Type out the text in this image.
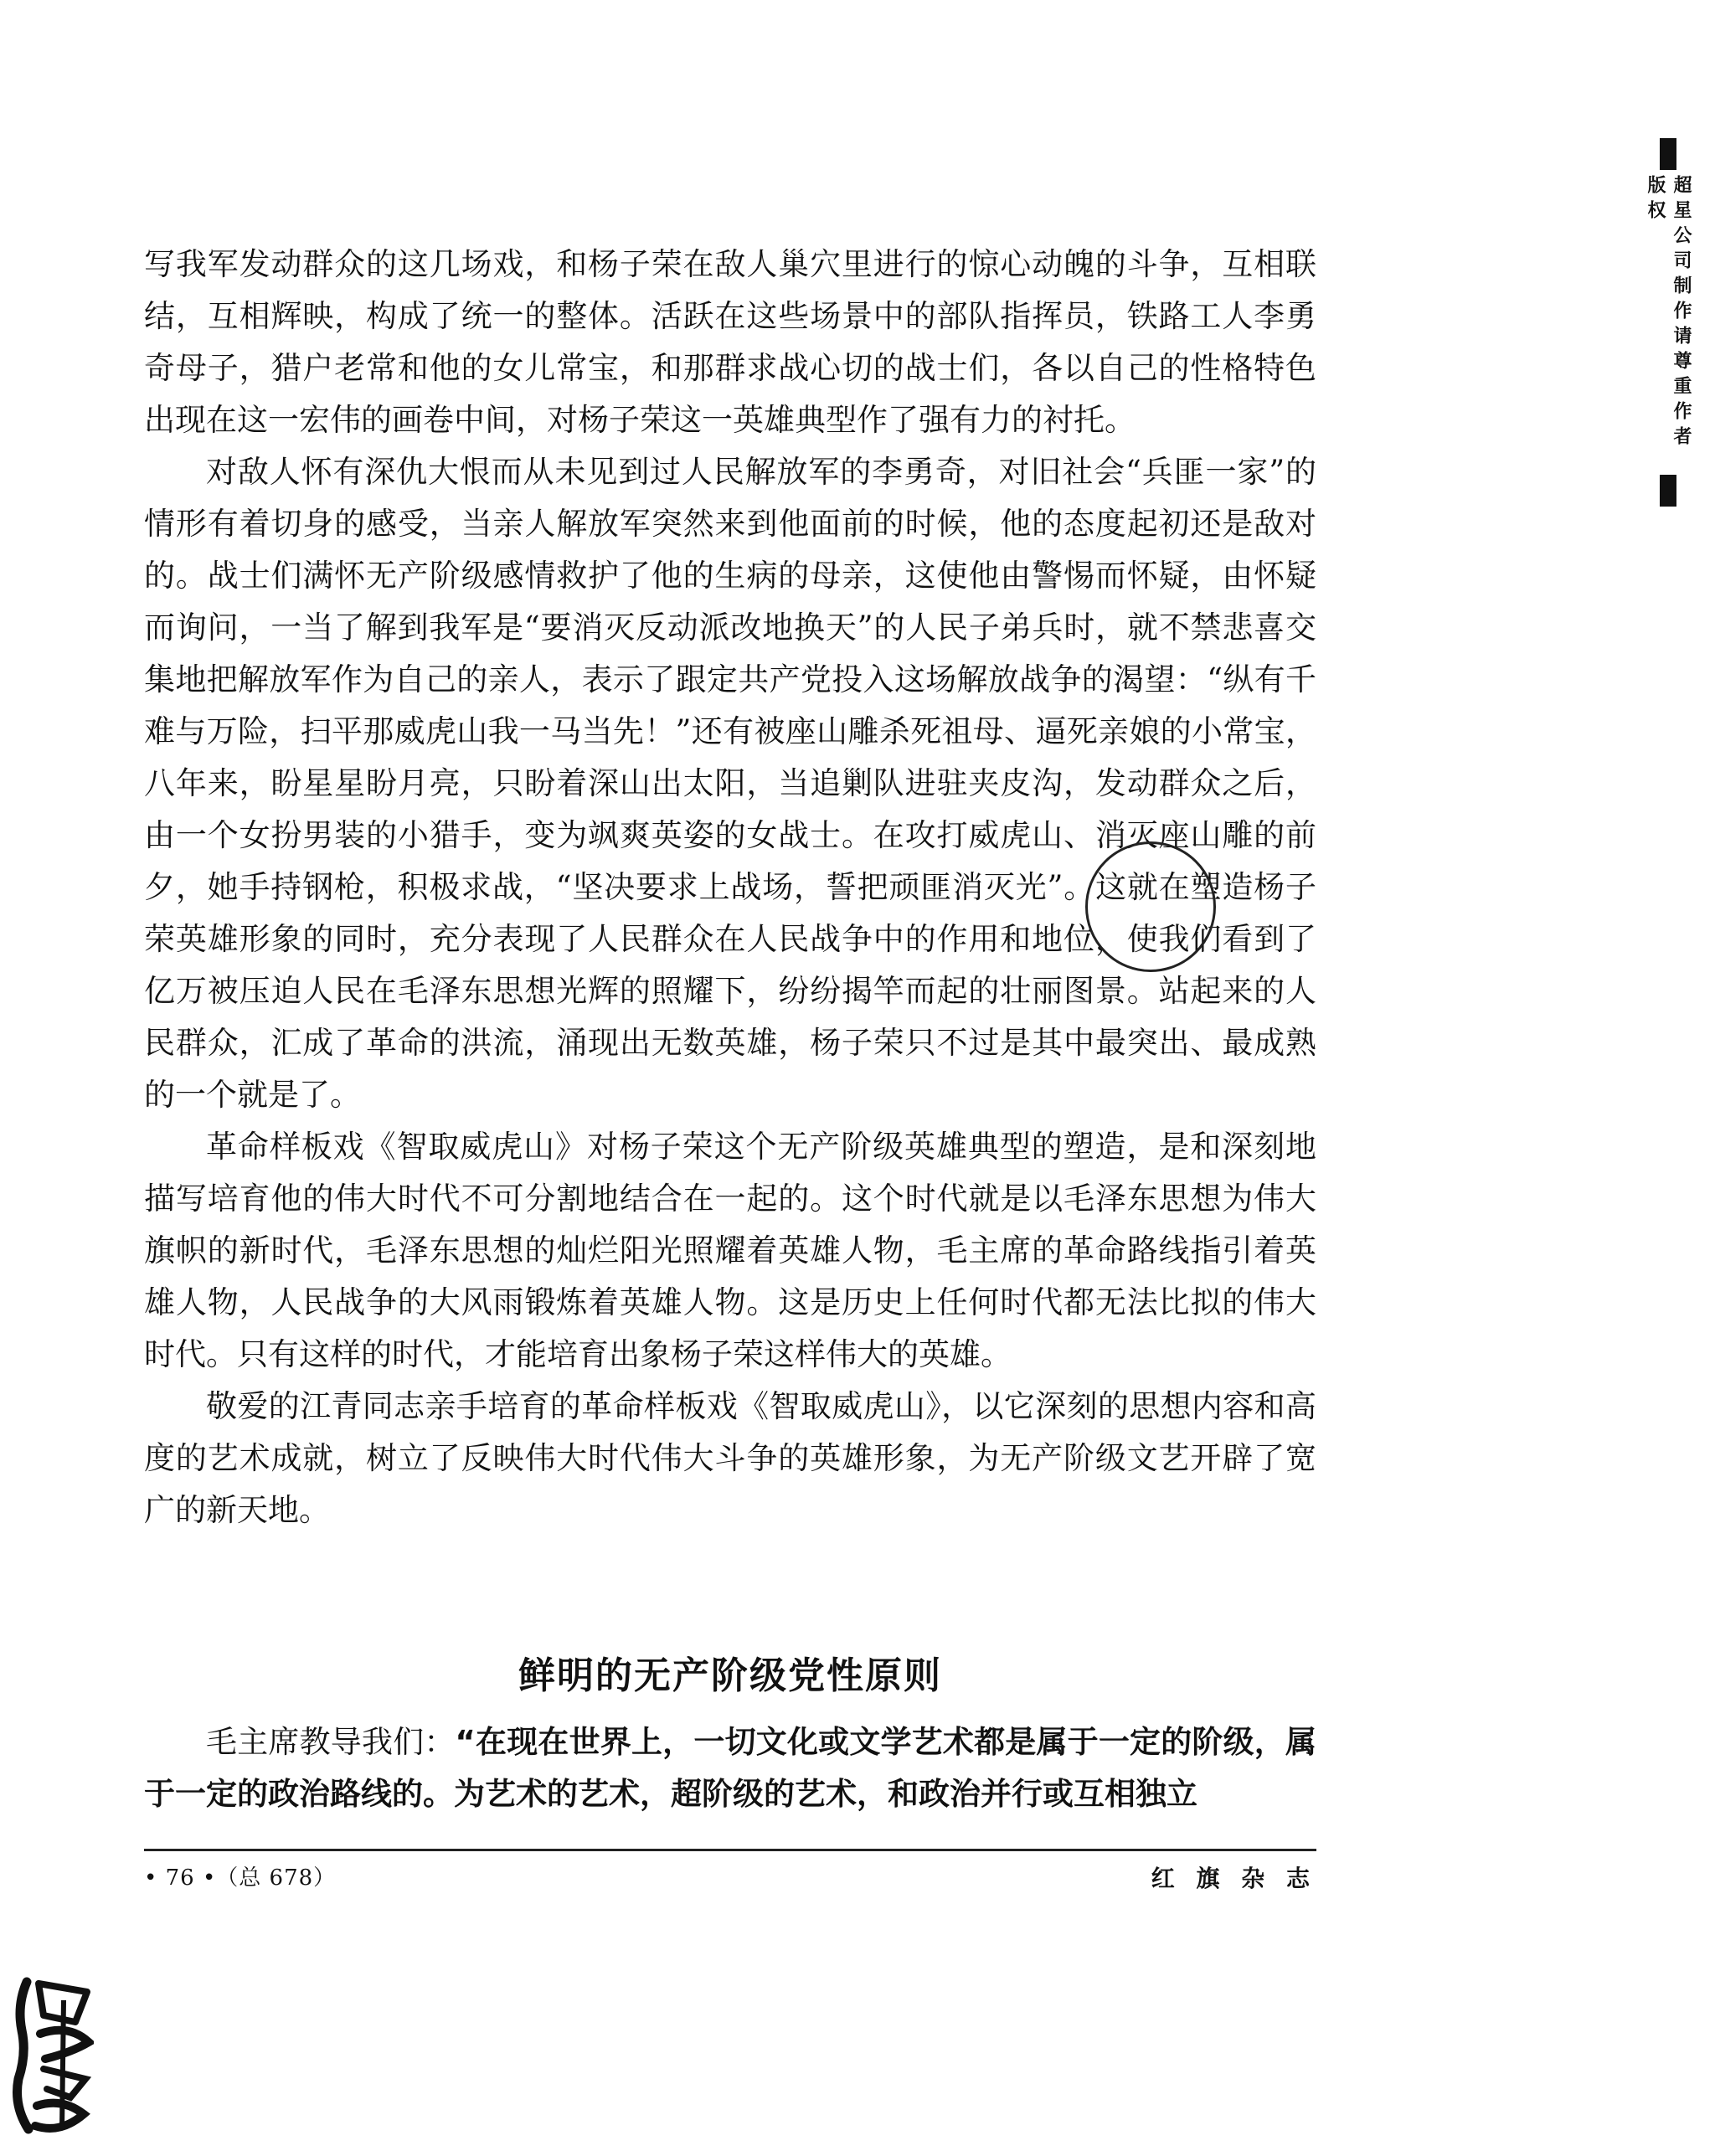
写我军发动群众的这几场戏，和杨子荣在敌人巢穴里进行的惊心动魄的斗争，互相联结，互相辉映，构成了统一的整体。活跃在这些场景中的部队指挥员，铁路工人李勇奇母子，猎户老常和他的女儿常宝，和那群求战心切的战士们，各以自己的性格特色出现在这一宏伟的画卷中间，对杨子荣这一英雄典型作了强有力的衬托。

对敌人怀有深仇大恨而从未见到过人民解放军的李勇奇，对旧社会“兵匪一家”的情形有着切身的感受，当亲人解放军突然来到他面前的时候，他的态度起初还是敌对的。战士们满怀无产阶级感情救护了他的生病的母亲，这使他由警惕而怀疑，由怀疑而询问，一当了解到我军是“要消灭反动派改地换天”的人民子弟兵时，就不禁悲喜交集地把解放军作为自己的亲人，表示了跟定共产党投入这场解放战争的渴望：“纵有千难与万险，扫平那威虎山我一马当先！”还有被座山雕杀死祖母、逼死亲娘的小常宝，八年来，盼星星盼月亮，只盼着深山出太阳，当追剿队进驻夹皮沟，发动群众之后，由一个女扮男装的小猎手，变为飒爽英姿的女战士。在攻打威虎山、消灭座山雕的前夕，她手持钢枪，积极求战，“坚决要求上战场，誓把顽匪消灭光”。这就在塑造杨子荣英雄形象的同时，充分表现了人民群众在人民战争中的作用和地位，使我们看到了亿万被压迫人民在毛泽东思想光辉的照耀下，纷纷揭竿而起的壮丽图景。站起来的人民群众，汇成了革命的洪流，涌现出无数英雄，杨子荣只不过是其中最突出、最成熟的一个就是了。

革命样板戏《智取威虎山》对杨子荣这个无产阶级英雄典型的塑造，是和深刻地描写培育他的伟大时代不可分割地结合在一起的。这个时代就是以毛泽东思想为伟大旗帜的新时代，毛泽东思想的灿烂阳光照耀着英雄人物，毛主席的革命路线指引着英雄人物，人民战争的大风雨锻炼着英雄人物。这是历史上任何时代都无法比拟的伟大时代。只有这样的时代，才能培育出象杨子荣这样伟大的英雄。

敬爱的江青同志亲手培育的革命样板戏《智取威虎山》，以它深刻的思想内容和高度的艺术成就，树立了反映伟大时代伟大斗争的英雄形象，为无产阶级文艺开辟了宽广的新天地。

鲜明的无产阶级党性原则

毛主席教导我们：“在现在世界上，一切文化或文学艺术都是属于一定的阶级，属于一定的政治路线的。为艺术的艺术，超阶级的艺术，和政治并行或互相独立

• 76 •（总 678）	红 旗 杂 志
超星公司制作请尊重作者版权
